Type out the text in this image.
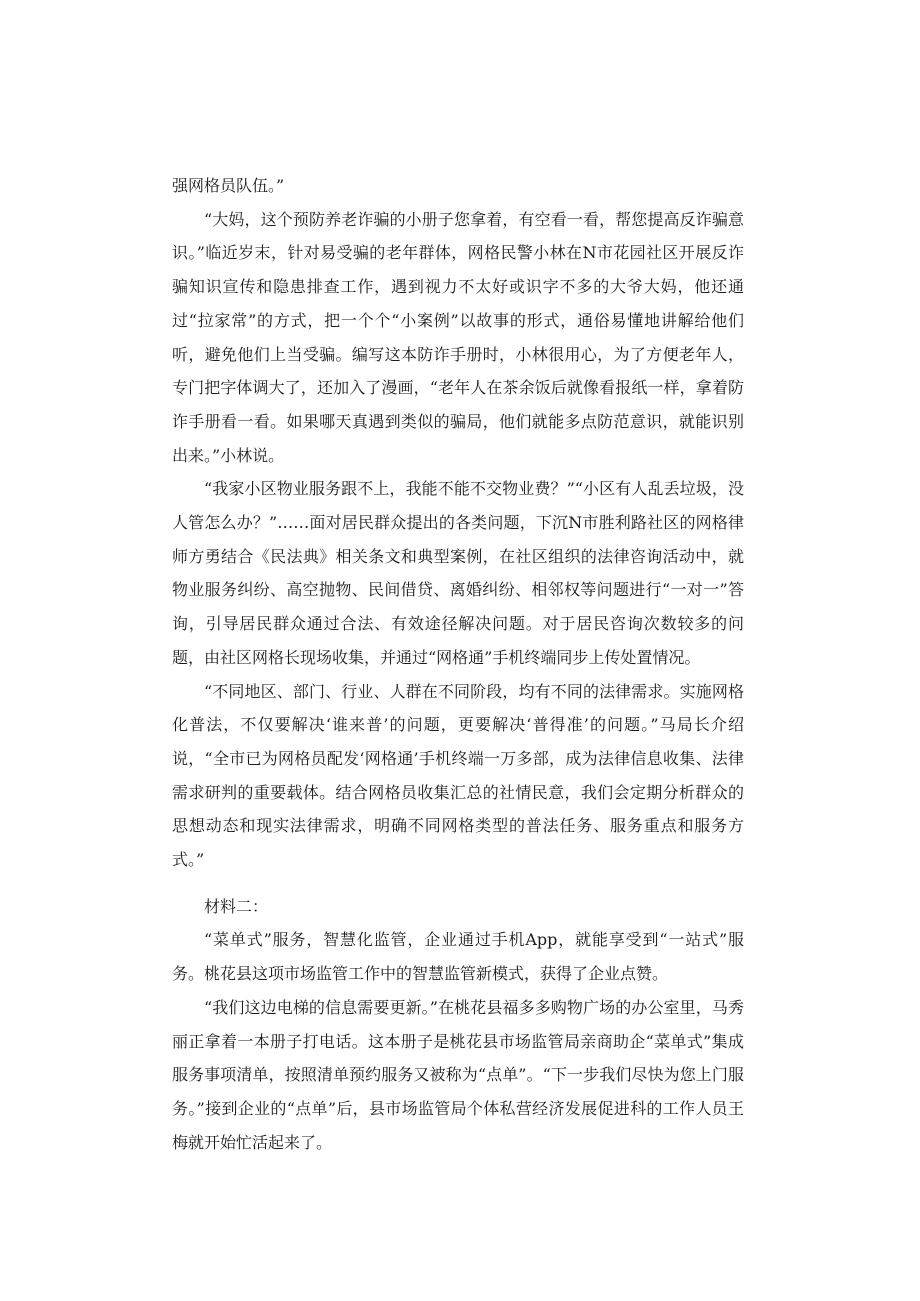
强网格员队伍。”

“大妈，这个预防养老诈骗的小册子您拿着，有空看一看，帮您提高反诈骗意识。”临近岁末，针对易受骗的老年群体，网格民警小林在N市花园社区开展反诈骗知识宣传和隐患排查工作，遇到视力不太好或识字不多的大爷大妈，他还通过“拉家常”的方式，把一个个“小案例”以故事的形式，通俗易懂地讲解给他们听，避免他们上当受骗。编写这本防诈手册时，小林很用心，为了方便老年人，专门把字体调大了，还加入了漫画，“老年人在茶余饭后就像看报纸一样，拿着防诈手册看一看。如果哪天真遇到类似的骗局，他们就能多点防范意识，就能识别出来。”小林说。

“我家小区物业服务跟不上，我能不能不交物业费？”“小区有人乱丢垃圾，没人管怎么办？”……面对居民群众提出的各类问题，下沉N市胜利路社区的网格律师方勇结合《民法典》相关条文和典型案例，在社区组织的法律咨询活动中，就物业服务纠纷、高空抛物、民间借贷、离婚纠纷、相邻权等问题进行“一对一”答询，引导居民群众通过合法、有效途径解决问题。对于居民咨询次数较多的问题，由社区网格长现场收集，并通过“网格通”手机终端同步上传处置情况。

“不同地区、部门、行业、人群在不同阶段，均有不同的法律需求。实施网格化普法，不仅要解决‘谁来普’的问题，更要解决‘普得准’的问题。”马局长介绍说，“全市已为网格员配发‘网格通’手机终端一万多部，成为法律信息收集、法律需求研判的重要载体。结合网格员收集汇总的社情民意，我们会定期分析群众的思想动态和现实法律需求，明确不同网格类型的普法任务、服务重点和服务方式。”

材料二：

“菜单式”服务，智慧化监管，企业通过手机App，就能享受到“一站式”服务。桃花县这项市场监管工作中的智慧监管新模式，获得了企业点赞。

“我们这边电梯的信息需要更新。”在桃花县福多多购物广场的办公室里，马秀丽正拿着一本册子打电话。这本册子是桃花县市场监管局亲商助企“菜单式”集成服务事项清单，按照清单预约服务又被称为“点单”。“下一步我们尽快为您上门服务。”接到企业的“点单”后，县市场监管局个体私营经济发展促进科的工作人员王梅就开始忙活起来了。
